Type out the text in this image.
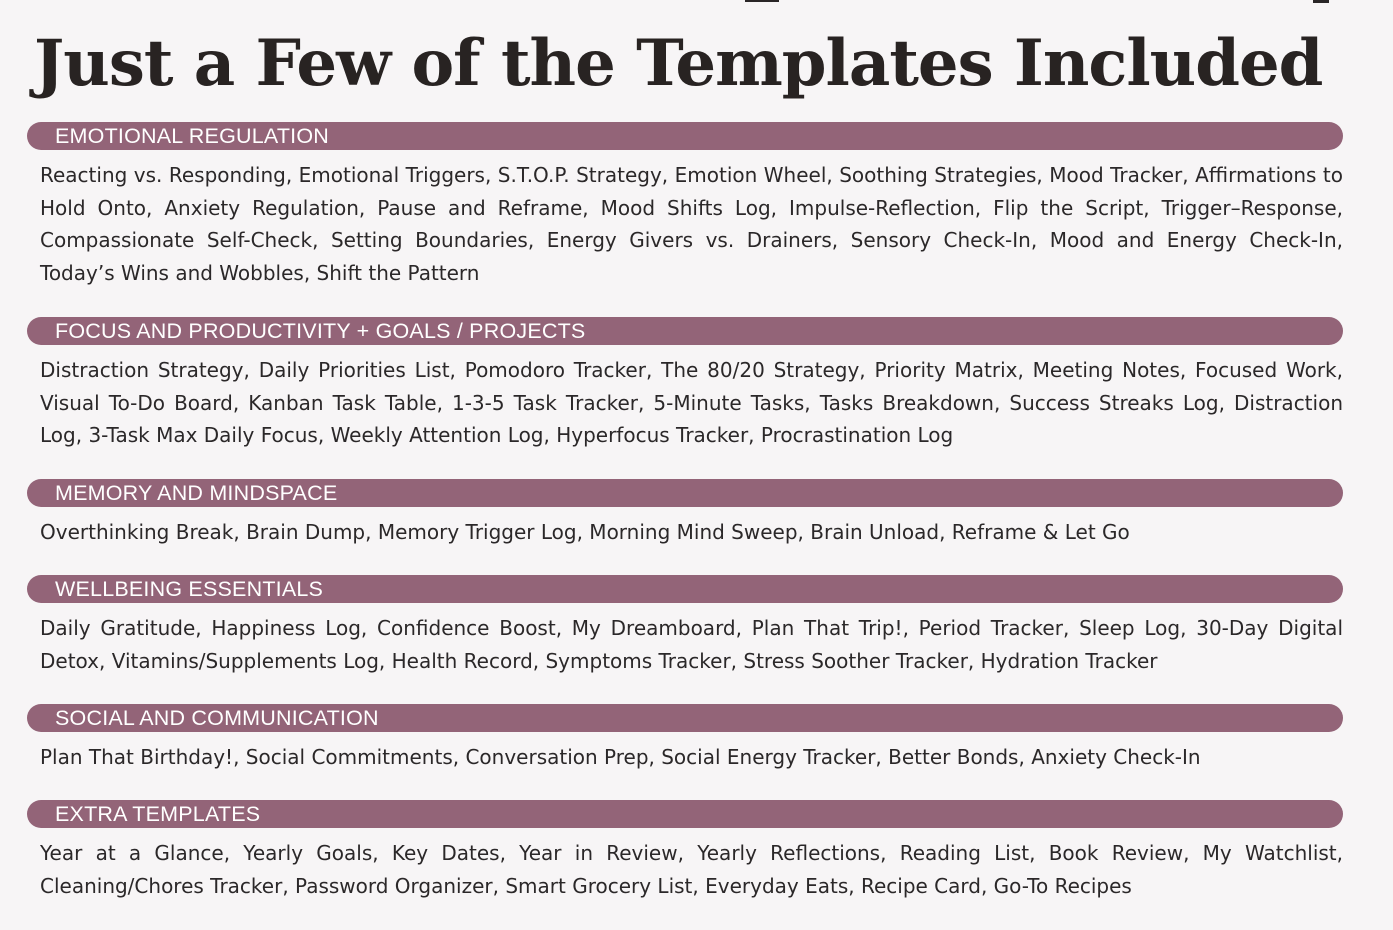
Just a Few of the Templates Included
EMOTIONAL REGULATION
Reacting vs. Responding, Emotional Triggers, S.T.O.P. Strategy, Emotion Wheel, Soothing Strategies, Mood Tracker, Affirmations to Hold Onto, Anxiety Regulation, Pause and Reframe, Mood Shifts Log, Impulse-Reflection, Flip the Script, Trigger–Response, Compassionate Self-Check, Setting Boundaries, Energy Givers vs. Drainers, Sensory Check-In, Mood and Energy Check-In, Today’s Wins and Wobbles, Shift the Pattern
FOCUS AND PRODUCTIVITY + GOALS / PROJECTS
Distraction Strategy, Daily Priorities List, Pomodoro Tracker, The 80/20 Strategy, Priority Matrix, Meeting Notes, Focused Work, Visual To-Do Board, Kanban Task Table, 1-3-5 Task Tracker, 5-Minute Tasks, Tasks Breakdown, Success Streaks Log, Distraction Log, 3-Task Max Daily Focus, Weekly Attention Log, Hyperfocus Tracker, Procrastination Log
MEMORY AND MINDSPACE
Overthinking Break, Brain Dump, Memory Trigger Log, Morning Mind Sweep, Brain Unload, Reframe & Let Go
WELLBEING ESSENTIALS
Daily Gratitude, Happiness Log, Confidence Boost, My Dreamboard, Plan That Trip!, Period Tracker, Sleep Log, 30-Day Digital Detox, Vitamins/Supplements Log, Health Record, Symptoms Tracker, Stress Soother Tracker, Hydration Tracker
SOCIAL AND COMMUNICATION
Plan That Birthday!, Social Commitments, Conversation Prep, Social Energy Tracker, Better Bonds, Anxiety Check-In
EXTRA TEMPLATES
Year at a Glance, Yearly Goals, Key Dates, Year in Review, Yearly Reflections, Reading List, Book Review, My Watchlist, Cleaning/Chores Tracker, Password Organizer, Smart Grocery List, Everyday Eats, Recipe Card, Go-To Recipes
